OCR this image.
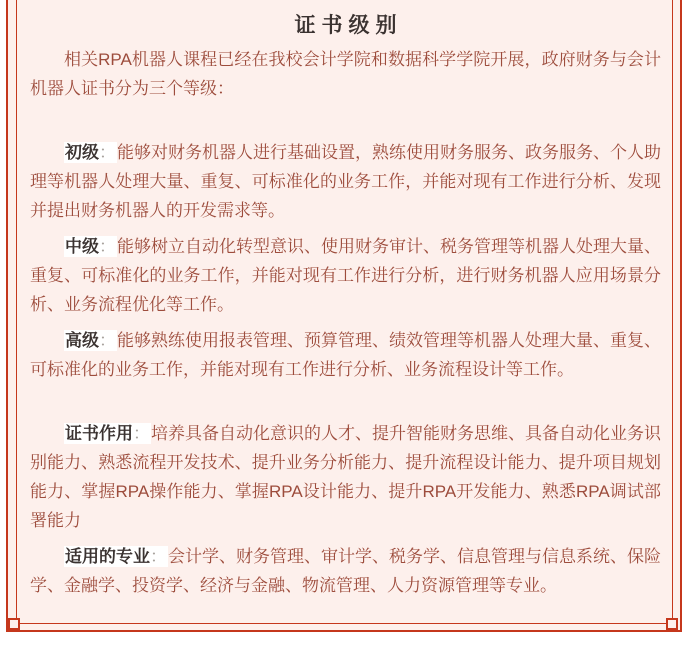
证书级别

相关RPA机器人课程已经在我校会计学院和数据科学学院开展，政府财务与会计机器人证书分为三个等级：

初级：能够对财务机器人进行基础设置，熟练使用财务服务、政务服务、个人助理等机器人处理大量、重复、可标准化的业务工作，并能对现有工作进行分析、发现并提出财务机器人的开发需求等。

中级：能够树立自动化转型意识、使用财务审计、税务管理等机器人处理大量、重复、可标准化的业务工作，并能对现有工作进行分析，进行财务机器人应用场景分析、业务流程优化等工作。

高级：能够熟练使用报表管理、预算管理、绩效管理等机器人处理大量、重复、可标准化的业务工作，并能对现有工作进行分析、业务流程设计等工作。

证书作用：培养具备自动化意识的人才、提升智能财务思维、具备自动化业务识别能力、熟悉流程开发技术、提升业务分析能力、提升流程设计能力、提升项目规划能力、掌握RPA操作能力、掌握RPA设计能力、提升RPA开发能力、熟悉RPA调试部署能力

适用的专业：会计学、财务管理、审计学、税务学、信息管理与信息系统、保险学、金融学、投资学、经济与金融、物流管理、人力资源管理等专业。
